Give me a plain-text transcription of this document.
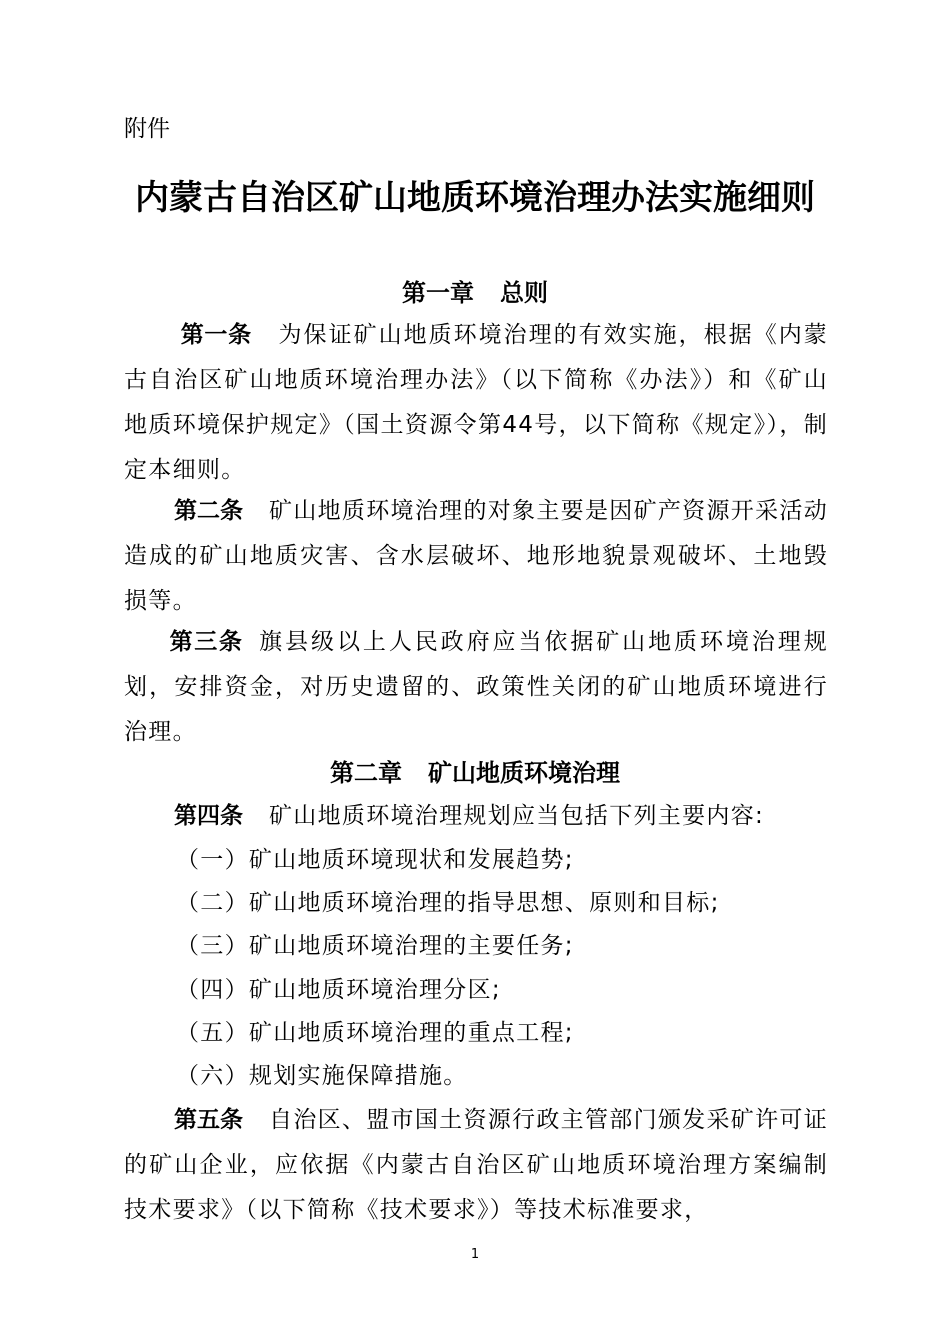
附件
内蒙古自治区矿山地质环境治理办法实施细则
第一章 总则
第一条 为保证矿山地质环境治理的有效实施，根据《内蒙古自治区矿山地质环境治理办法》（以下简称《办法》）和《矿山地质环境保护规定》（国土资源令第44号，以下简称《规定》），制定本细则。
第二条 矿山地质环境治理的对象主要是因矿产资源开采活动造成的矿山地质灾害、含水层破坏、地形地貌景观破坏、土地毁损等。
第三条 旗县级以上人民政府应当依据矿山地质环境治理规划，安排资金，对历史遗留的、政策性关闭的矿山地质环境进行治理。
第二章 矿山地质环境治理
第四条 矿山地质环境治理规划应当包括下列主要内容:
（一）矿山地质环境现状和发展趋势;
（二）矿山地质环境治理的指导思想、原则和目标;
（三）矿山地质环境治理的主要任务;
（四）矿山地质环境治理分区;
（五）矿山地质环境治理的重点工程;
（六）规划实施保障措施。
第五条 自治区、盟市国土资源行政主管部门颁发采矿许可证的矿山企业，应依据《内蒙古自治区矿山地质环境治理方案编制技术要求》（以下简称《技术要求》）等技术标准要求，
1
